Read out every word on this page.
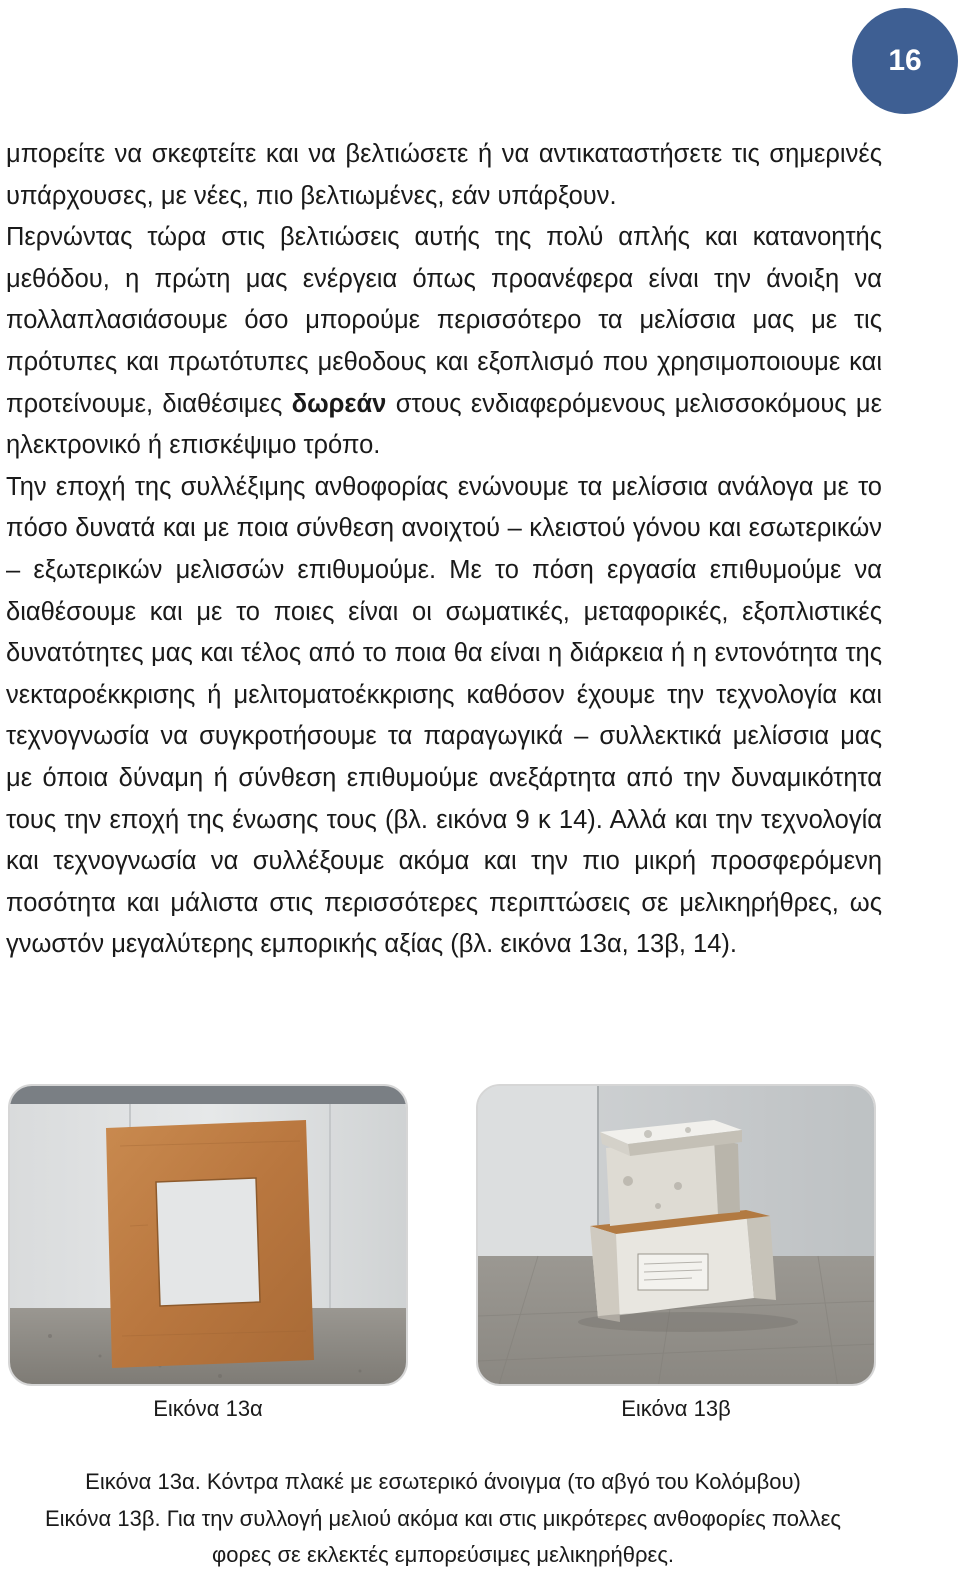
16

μπορείτε να σκεφτείτε και να βελτιώσετε ή να αντικαταστήσετε τις σημερινές υπάρχουσες, με νέες, πιο βελτιωμένες, εάν υπάρξουν.

Περνώντας τώρα στις βελτιώσεις αυτής της πολύ απλής και κατανοητής μεθόδου, η πρώτη μας ενέργεια όπως προανέφερα είναι την άνοιξη να πολλαπλασιάσουμε όσο μπορούμε περισσότερο τα μελίσσια μας με τις πρότυπες και πρωτότυπες μεθοδους και εξοπλισμό που χρησιμοποιουμε και προτείνουμε, διαθέσιμες δωρεάν στους ενδιαφερόμενους μελισσοκόμους με ηλεκτρονικό ή επισκέψιμο τρόπο.

Την εποχή της συλλέξιμης ανθοφορίας ενώνουμε τα μελίσσια ανάλογα με το πόσο δυνατά και με ποια σύνθεση ανοιχτού – κλειστού γόνου και εσωτερικών – εξωτερικών μελισσών επιθυμούμε. Με το πόση εργασία επιθυμούμε να διαθέσουμε και με το ποιες είναι οι σωματικές, μεταφορικές, εξοπλιστικές δυνατότητες μας και τέλος από το ποια θα είναι η διάρκεια ή η εντονότητα της νεκταροέκκρισης ή μελιτοματοέκκρισης καθόσον έχουμε την τεχνολογία και τεχνογνωσία να συγκροτήσουμε τα παραγωγικά – συλλεκτικά μελίσσια μας με όποια δύναμη ή σύνθεση επιθυμούμε ανεξάρτητα από την δυναμικότητα τους την εποχή της ένωσης τους (βλ. εικόνα 9 κ 14). Αλλά και την τεχνολογία και τεχνογνωσία να συλλέξουμε ακόμα και την πιο μικρή προσφερόμενη ποσότητα και μάλιστα στις περισσότερες περιπτώσεις σε μελικηρήθρες, ως γνωστόν μεγαλύτερης εμπορικής αξίας (βλ. εικόνα 13α, 13β, 14).

Εικόνα 13α	Εικόνα 13β
Εικόνα 13α. Κόντρα πλακέ με εσωτερικό άνοιγμα (το αβγό του Κολόμβου)
Εικόνα 13β. Για την συλλογή μελιού ακόμα και στις μικρότερες ανθοφορίες πολλες
φορες σε εκλεκτές εμπορεύσιμες μελικηρήθρες.
